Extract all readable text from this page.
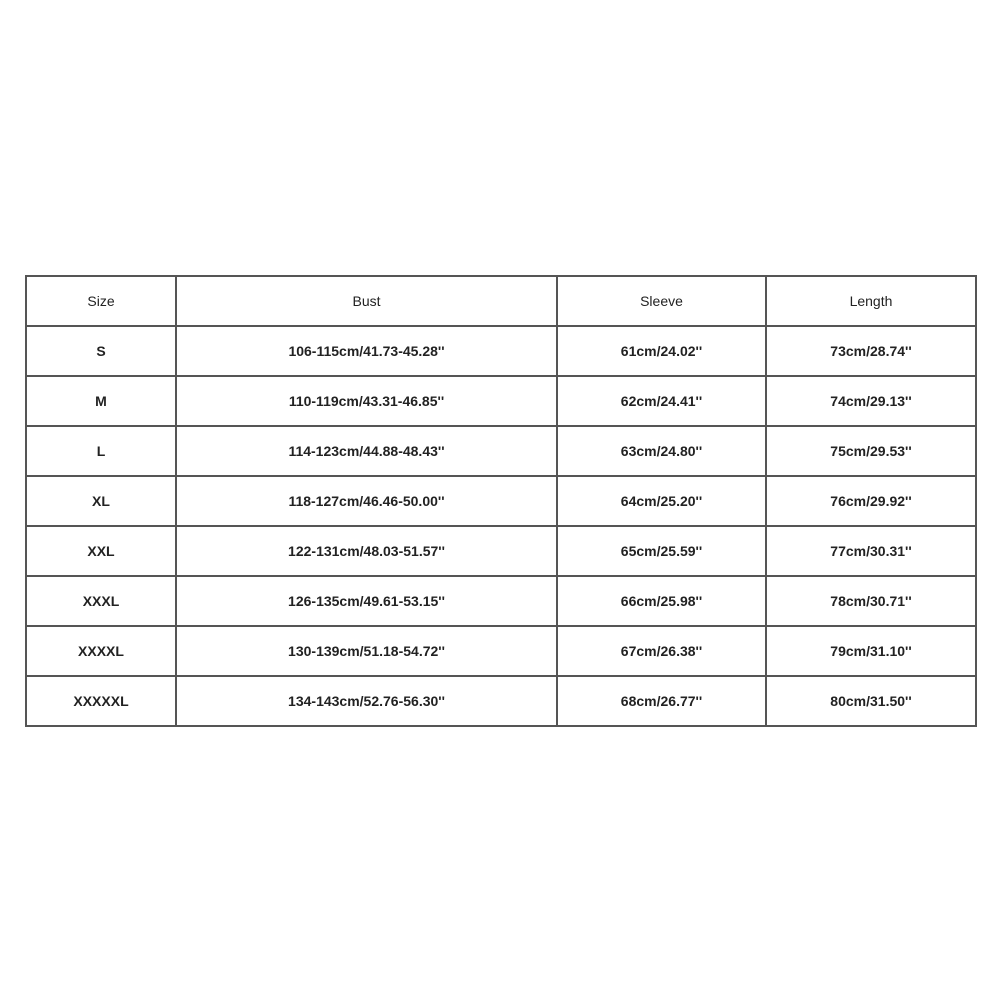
Size	Bust	Sleeve	Length
S	106-115cm/41.73-45.28''	61cm/24.02''	73cm/28.74''
M	110-119cm/43.31-46.85''	62cm/24.41''	74cm/29.13''
L	114-123cm/44.88-48.43''	63cm/24.80''	75cm/29.53''
XL	118-127cm/46.46-50.00''	64cm/25.20''	76cm/29.92''
XXL	122-131cm/48.03-51.57''	65cm/25.59''	77cm/30.31''
XXXL	126-135cm/49.61-53.15''	66cm/25.98''	78cm/30.71''
XXXXL	130-139cm/51.18-54.72''	67cm/26.38''	79cm/31.10''
XXXXXL	134-143cm/52.76-56.30''	68cm/26.77''	80cm/31.50''
